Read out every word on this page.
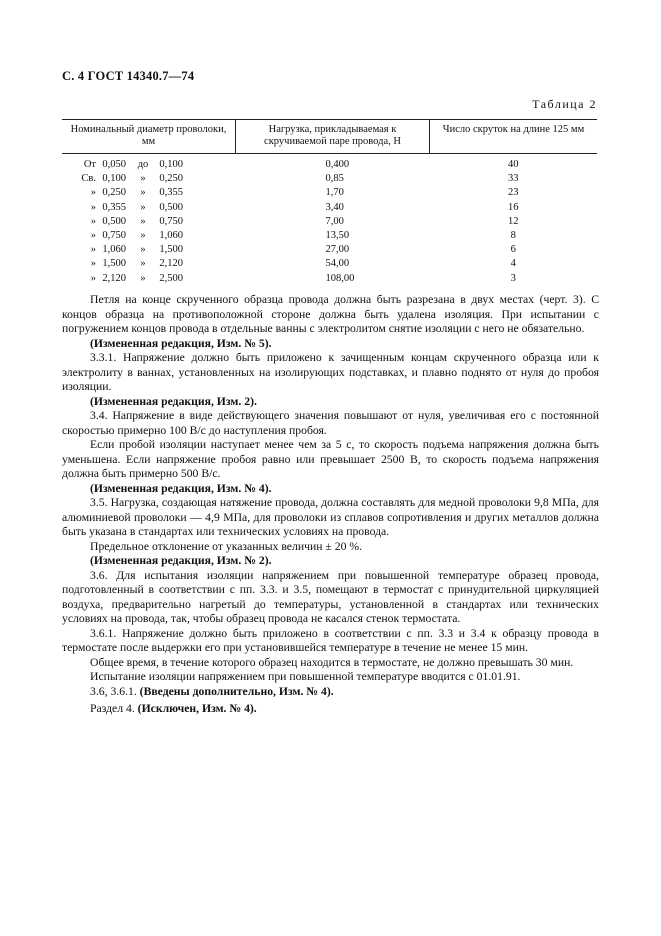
С. 4 ГОСТ 14340.7—74
Таблица 2
Номинальный диаметр проволоки, мм	Нагрузка, прикладываемая к скручиваемой паре провода, Н	Число скруток на длине 125 мм

От 0,050 до 0,100	0,400	40

Св. 0,100 » 0,250	0,85	33

» 0,250 » 0,355	1,70	23

» 0,355 » 0,500	3,40	16

» 0,500 » 0,750	7,00	12

» 0,750 » 1,060	13,50	8

» 1,060 » 1,500	27,00	6

» 1,500 » 2,120	54,00	4

» 2,120 » 2,500	108,00	3

Петля на конце скрученного образца провода должна быть разрезана в двух местах (черт. 3). С концов образца на противоположной стороне должна быть удалена изоляция. При испытании с погружением концов провода в отдельные ванны с электролитом снятие изоляции с него не обязательно.

(Измененная редакция, Изм. № 5).

3.3.1. Напряжение должно быть приложено к зачищенным концам скрученного образца или к электролиту в ваннах, установленных на изолирующих подставках, и плавно поднято от нуля до пробоя изоляции.

(Измененная редакция, Изм. 2).

3.4. Напряжение в виде действующего значения повышают от нуля, увеличивая его с постоянной скоростью примерно 100 В/с до наступления пробоя.

Если пробой изоляции наступает менее чем за 5 с, то скорость подъема напряжения должна быть уменьшена. Если напряжение пробоя равно или превышает 2500 В, то скорость подъема напряжения должна быть примерно 500 В/с.

(Измененная редакция, Изм. № 4).

3.5. Нагрузка, создающая натяжение провода, должна составлять для медной проволоки 9,8 МПа, для алюминиевой проволоки — 4,9 МПа, для проволоки из сплавов сопротивления и других металлов должна быть указана в стандартах или технических условиях на провода.

Предельное отклонение от указанных величин ± 20 %.

(Измененная редакция, Изм. № 2).

3.6. Для испытания изоляции напряжением при повышенной температуре образец провода, подготовленный в соответствии с пп. 3.3. и 3.5, помещают в термостат с принудительной циркуляцией воздуха, предварительно нагретый до температуры, установленной в стандартах или технических условиях на провода, так, чтобы образец провода не касался стенок термостата.

3.6.1. Напряжение должно быть приложено в соответствии с пп. 3.3 и 3.4 к образцу провода в термостате после выдержки его при установившейся температуре в течение не менее 15 мин.

Общее время, в течение которого образец находится в термостате, не должно превышать 30 мин.

Испытание изоляции напряжением при повышенной температуре вводится с 01.01.91.

3.6, 3.6.1. (Введены дополнительно, Изм. № 4).

Раздел 4. (Исключен, Изм. № 4).
